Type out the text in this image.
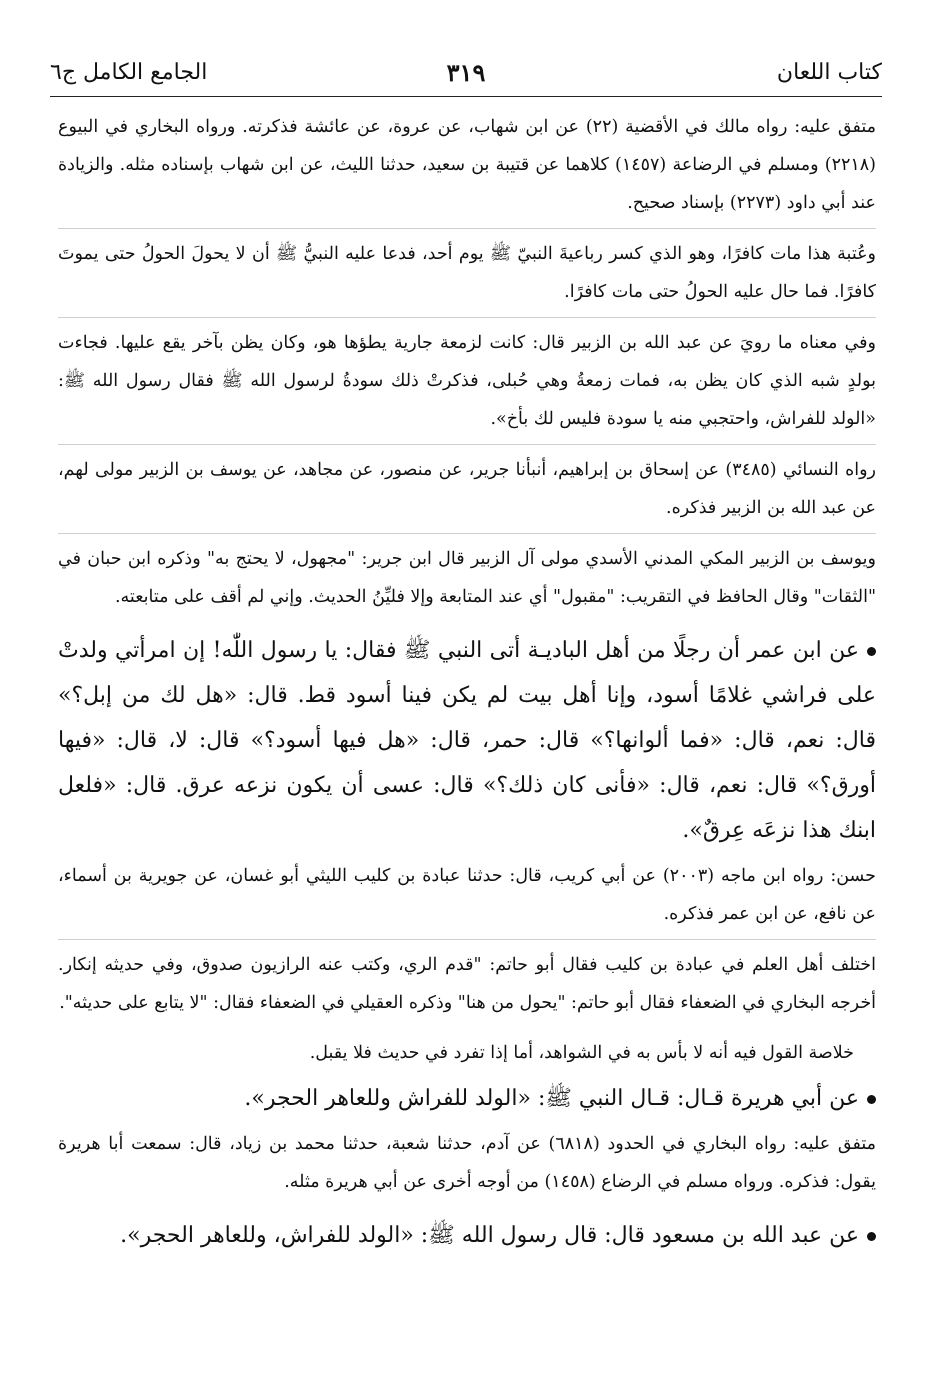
كتاب اللعان
٣١٩
الجامع الكامل ج٦

متفق عليه: رواه مالك في الأقضية (٢٢) عن ابن شهاب، عن عروة، عن عائشة فذكرته. ورواه البخاري في البيوع (٢٢١٨) ومسلم في الرضاعة (١٤٥٧) كلاهما عن قتيبة بن سعيد، حدثنا الليث، عن ابن شهاب بإسناده مثله. والزيادة عند أبي داود (٢٢٧٣) بإسناد صحيح.

وعُتبة هذا مات كافرًا، وهو الذي كسر رباعيةَ النبيّ ﷺ يوم أحد، فدعا عليه النبيُّ ﷺ أن لا يحولَ الحولُ حتى يموتَ كافرًا. فما حال عليه الحولُ حتى مات كافرًا.

وفي معناه ما رويَ عن عبد الله بن الزبير قال: كانت لزمعة جارية يطؤها هو، وكان يظن بآخر يقع عليها. فجاءت بولدٍ شبه الذي كان يظن به، فمات زمعةُ وهي حُبلى، فذكرتْ ذلك سودةُ لرسول الله ﷺ فقال رسول الله ﷺ: «الولد للفراش، واحتجبي منه يا سودة فليس لك بأخ».

رواه النسائي (٣٤٨٥) عن إسحاق بن إبراهيم، أنبأنا جرير، عن منصور، عن مجاهد، عن يوسف بن الزبير مولى لهم، عن عبد الله بن الزبير فذكره.

ويوسف بن الزبير المكي المدني الأسدي مولى آل الزبير قال ابن جرير: "مجهول، لا يحتج به" وذكره ابن حبان في "الثقات" وقال الحافظ في التقريب: "مقبول" أي عند المتابعة وإلا فليِّنُ الحديث. وإني لم أقف على متابعته.

عن ابن عمر أن رجلًا من أهل الباديـة أتى النبي ﷺ فقال: يا رسول اللّٰه! إن امرأتي ولدتْ على فراشي غلامًا أسود، وإنا أهل بيت لم يكن فينا أسود قط. قال: «هل لك من إبل؟» قال: نعم، قال: «فما ألوانها؟» قال: حمر، قال: «هل فيها أسود؟» قال: لا، قال: «فيها أورق؟» قال: نعم، قال: «فأنى كان ذلك؟» قال: عسى أن يكون نزعه عرق. قال: «فلعل ابنك هذا نزعَه عِرقٌ».

حسن: رواه ابن ماجه (٢٠٠٣) عن أبي كريب، قال: حدثنا عبادة بن كليب الليثي أبو غسان، عن جويرية بن أسماء، عن نافع، عن ابن عمر فذكره.

اختلف أهل العلم في عبادة بن كليب فقال أبو حاتم: "قدم الري، وكتب عنه الرازيون صدوق، وفي حديثه إنكار. أخرجه البخاري في الضعفاء فقال أبو حاتم: "يحول من هنا" وذكره العقيلي في الضعفاء فقال: "لا يتابع على حديثه".

خلاصة القول فيه أنه لا بأس به في الشواهد، أما إذا تفرد في حديث فلا يقبل.

عن أبي هريرة قـال: قـال النبي ﷺ: «الولد للفراش وللعاهر الحجر».

متفق عليه: رواه البخاري في الحدود (٦٨١٨) عن آدم، حدثنا شعبة، حدثنا محمد بن زياد، قال: سمعت أبا هريرة يقول: فذكره. ورواه مسلم في الرضاع (١٤٥٨) من أوجه أخرى عن أبي هريرة مثله.

عن عبد الله بن مسعود قال: قال رسول الله ﷺ: «الولد للفراش، وللعاهر الحجر».
